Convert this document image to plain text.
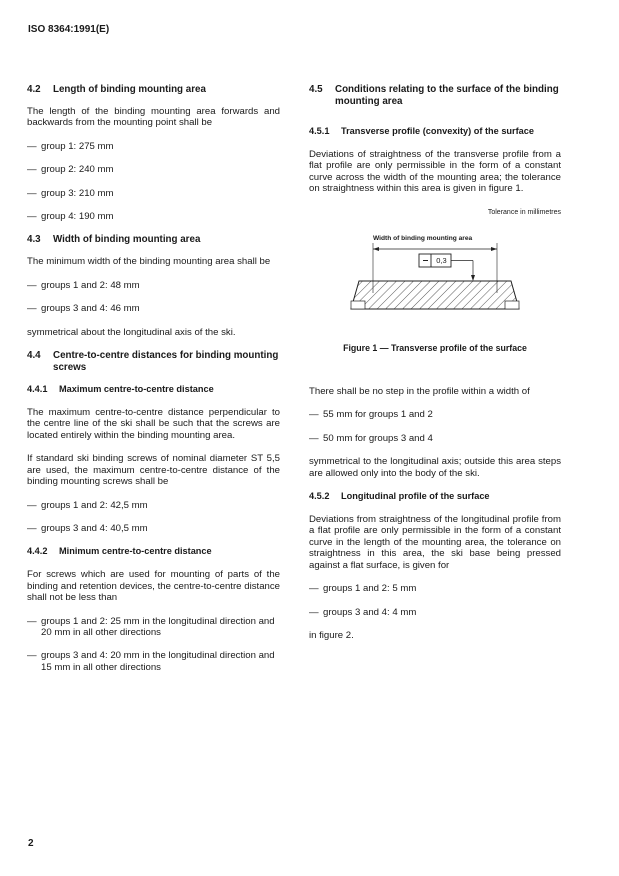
ISO 8364:1991(E)
4.2 Length of binding mounting area

The length of the binding mounting area forwards and backwards from the mounting point shall be

— group 1: 275 mm
— group 2: 240 mm
— group 3: 210 mm
— group 4: 190 mm
4.3 Width of binding mounting area

The minimum width of the binding mounting area shall be

— groups 1 and 2: 48 mm
— groups 3 and 4: 46 mm

symmetrical about the longitudinal axis of the ski.

4.4	Centre-to-centre distances for binding mounting screws
4.4.1 Maximum centre-to-centre distance

The maximum centre-to-centre distance perpendicular to the centre line of the ski shall be such that the screws are located entirely within the binding mounting area.

If standard ski binding screws of nominal diameter ST 5,5 are used, the maximum centre-to-centre distance of the binding mounting screws shall be

— groups 1 and 2: 42,5 mm
— groups 3 and 4: 40,5 mm
4.4.2 Minimum centre-to-centre distance

For screws which are used for mounting of parts of the binding and retention devices, the centre-to-centre distance shall not be less than

— groups 1 and 2: 25 mm in the longitudinal direction and 20 mm in all other directions
— groups 3 and 4: 20 mm in the longitudinal direction and 15 mm in all other directions
4.5	Conditions relating to the surface of the binding mounting area
4.5.1 Transverse profile (convexity) of the surface

Deviations of straightness of the transverse profile from a flat profile are only permissible in the form of a constant curve across the width of the mounting area; the tolerance on straightness within this area is given in figure 1.

Tolerance in millimetres
Width of binding mounting area
0,3
Figure 1 — Transverse profile of the surface

There shall be no step in the profile within a width of

— 55 mm for groups 1 and 2
— 50 mm for groups 3 and 4

symmetrical to the longitudinal axis; outside this area steps are allowed only into the body of the ski.

4.5.2 Longitudinal profile of the surface

Deviations from straightness of the longitudinal profile from a flat profile are only permissible in the form of a constant curve in the length of the mounting area, the tolerance on straightness in this area, the ski base being pressed against a flat surface, is given for

— groups 1 and 2: 5 mm
— groups 3 and 4: 4 mm

in figure 2.

2
